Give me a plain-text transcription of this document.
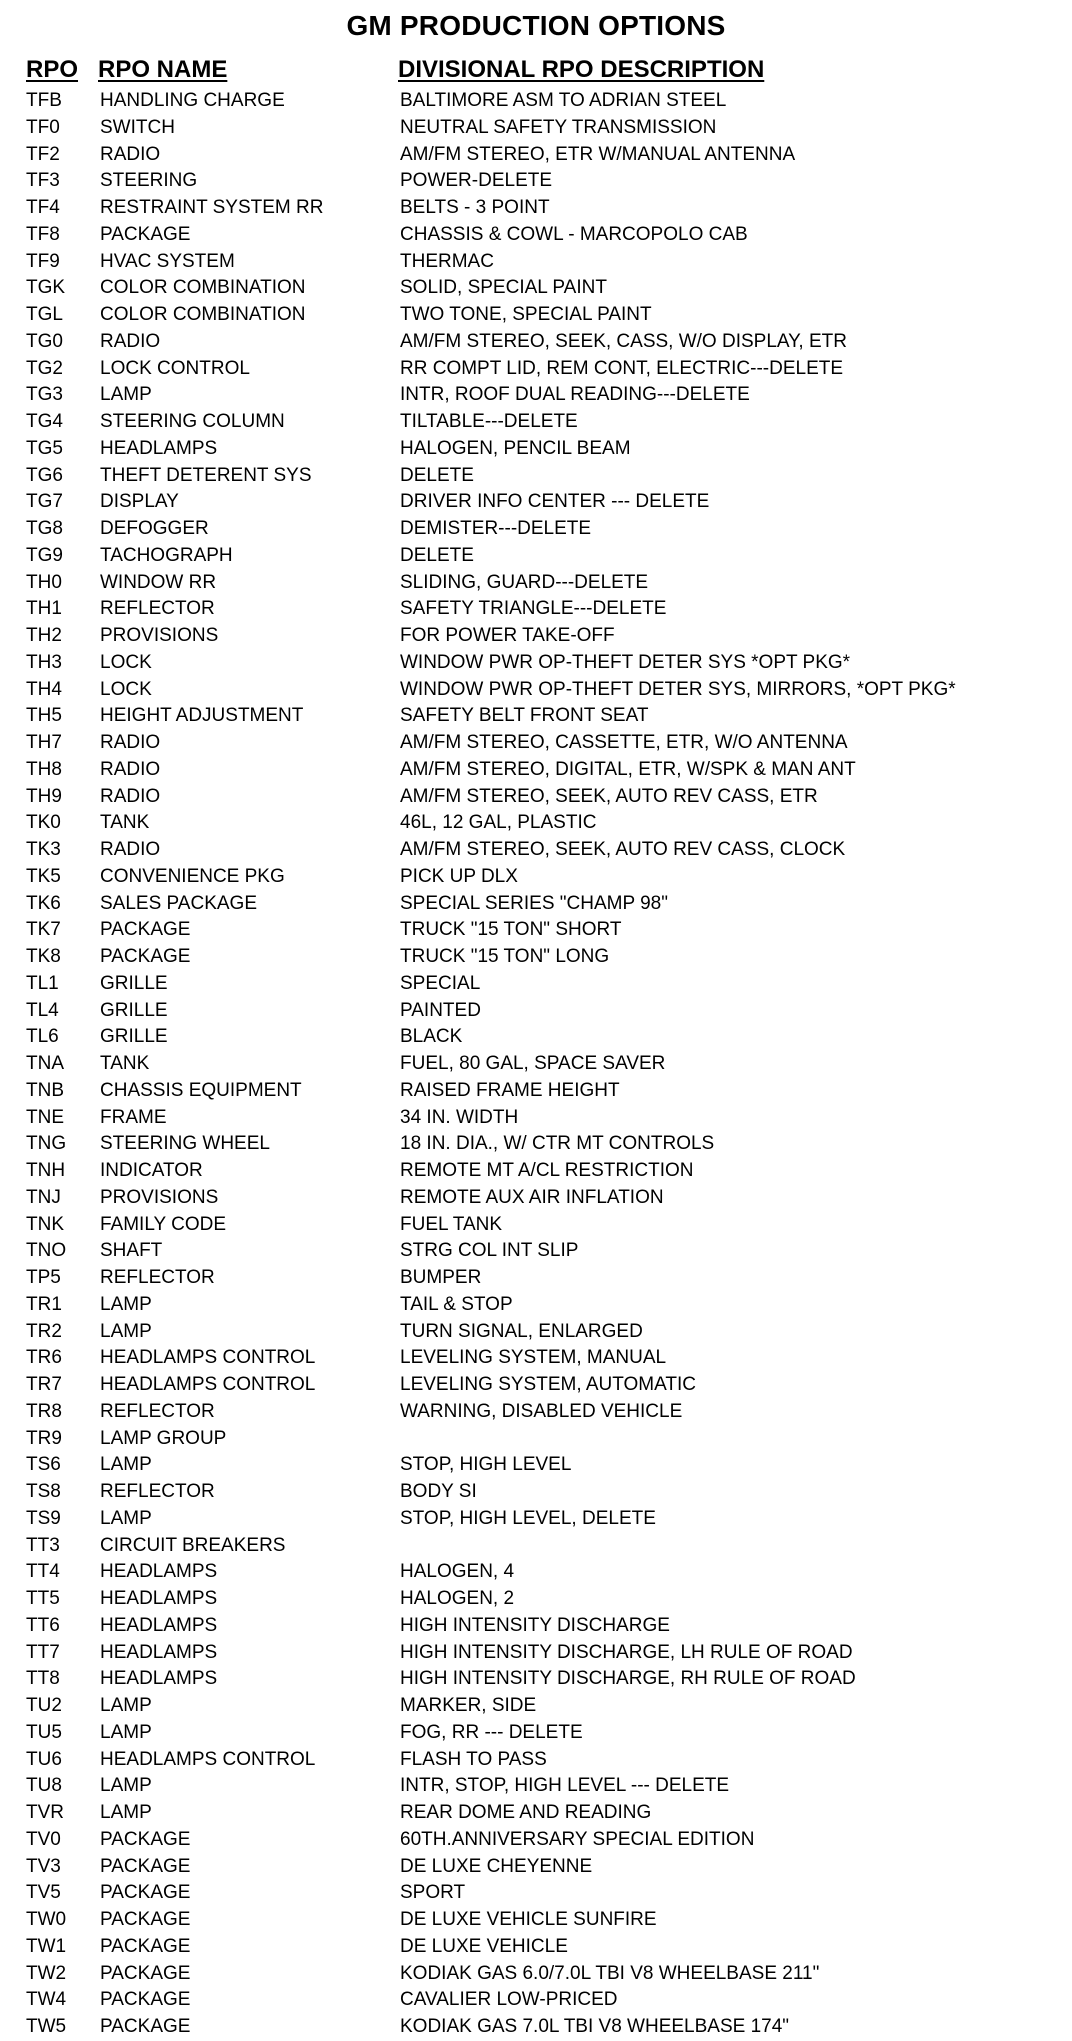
GM PRODUCTION OPTIONS
RPO RPO NAME	DIVISIONAL RPO DESCRIPTION
TFB HANDLING CHARGE	BALTIMORE ASM TO ADRIAN STEEL
TF0 SWITCH	NEUTRAL SAFETY TRANSMISSION
TF2 RADIO	AM/FM STEREO, ETR W/MANUAL ANTENNA
TF3 STEERING	POWER-DELETE
TF4 RESTRAINT SYSTEM RR	BELTS - 3 POINT
TF8 PACKAGE	CHASSIS & COWL - MARCOPOLO CAB
TF9 HVAC SYSTEM	THERMAC
TGK COLOR COMBINATION	SOLID, SPECIAL PAINT
TGL COLOR COMBINATION	TWO TONE, SPECIAL PAINT
TG0 RADIO	AM/FM STEREO, SEEK, CASS, W/O DISPLAY, ETR
TG2 LOCK CONTROL	RR COMPT LID, REM CONT, ELECTRIC---DELETE
TG3 LAMP	INTR, ROOF DUAL READING---DELETE
TG4 STEERING COLUMN	TILTABLE---DELETE
TG5 HEADLAMPS	HALOGEN, PENCIL BEAM
TG6 THEFT DETERENT SYS	DELETE
TG7 DISPLAY	DRIVER INFO CENTER --- DELETE
TG8 DEFOGGER	DEMISTER---DELETE
TG9 TACHOGRAPH	DELETE
TH0 WINDOW RR	SLIDING, GUARD---DELETE
TH1 REFLECTOR	SAFETY TRIANGLE---DELETE
TH2 PROVISIONS	FOR POWER TAKE-OFF
TH3 LOCK	WINDOW PWR OP-THEFT DETER SYS *OPT PKG*
TH4 LOCK	WINDOW PWR OP-THEFT DETER SYS, MIRRORS, *OPT PKG*
TH5 HEIGHT ADJUSTMENT	SAFETY BELT FRONT SEAT
TH7 RADIO	AM/FM STEREO, CASSETTE, ETR, W/O ANTENNA
TH8 RADIO	AM/FM STEREO, DIGITAL, ETR, W/SPK & MAN ANT
TH9 RADIO	AM/FM STEREO, SEEK, AUTO REV CASS, ETR
TK0 TANK	46L, 12 GAL, PLASTIC
TK3 RADIO	AM/FM STEREO, SEEK, AUTO REV CASS, CLOCK
TK5 CONVENIENCE PKG	PICK UP DLX
TK6 SALES PACKAGE	SPECIAL SERIES "CHAMP 98"
TK7 PACKAGE	TRUCK "15 TON" SHORT
TK8 PACKAGE	TRUCK "15 TON" LONG
TL1 GRILLE	SPECIAL
TL4 GRILLE	PAINTED
TL6 GRILLE	BLACK
TNA TANK	FUEL, 80 GAL, SPACE SAVER
TNB CHASSIS EQUIPMENT	RAISED FRAME HEIGHT
TNE FRAME	34 IN. WIDTH
TNG STEERING WHEEL	18 IN. DIA., W/ CTR MT CONTROLS
TNH INDICATOR	REMOTE MT A/CL RESTRICTION
TNJ PROVISIONS	REMOTE AUX AIR INFLATION
TNK FAMILY CODE	FUEL TANK
TNO SHAFT	STRG COL INT SLIP
TP5 REFLECTOR	BUMPER
TR1 LAMP	TAIL & STOP
TR2 LAMP	TURN SIGNAL, ENLARGED
TR6 HEADLAMPS CONTROL	LEVELING SYSTEM, MANUAL
TR7 HEADLAMPS CONTROL	LEVELING SYSTEM, AUTOMATIC
TR8 REFLECTOR	WARNING, DISABLED VEHICLE
TR9 LAMP GROUP
TS6 LAMP	STOP, HIGH LEVEL
TS8 REFLECTOR	BODY SI
TS9 LAMP	STOP, HIGH LEVEL, DELETE
TT3 CIRCUIT BREAKERS
TT4 HEADLAMPS	HALOGEN, 4
TT5 HEADLAMPS	HALOGEN, 2
TT6 HEADLAMPS	HIGH INTENSITY DISCHARGE
TT7 HEADLAMPS	HIGH INTENSITY DISCHARGE, LH RULE OF ROAD
TT8 HEADLAMPS	HIGH INTENSITY DISCHARGE, RH RULE OF ROAD
TU2 LAMP	MARKER, SIDE
TU5 LAMP	FOG, RR --- DELETE
TU6 HEADLAMPS CONTROL	FLASH TO PASS
TU8 LAMP	INTR, STOP, HIGH LEVEL --- DELETE
TVR LAMP	REAR DOME AND READING
TV0 PACKAGE	60TH.ANNIVERSARY SPECIAL EDITION
TV3 PACKAGE	DE LUXE CHEYENNE
TV5 PACKAGE	SPORT
TW0 PACKAGE	DE LUXE VEHICLE SUNFIRE
TW1 PACKAGE	DE LUXE VEHICLE
TW2 PACKAGE	KODIAK GAS 6.0/7.0L TBI V8 WHEELBASE 211"
TW4 PACKAGE	CAVALIER LOW-PRICED
TW5 PACKAGE	KODIAK GAS 7.0L TBI V8 WHEELBASE 174"
